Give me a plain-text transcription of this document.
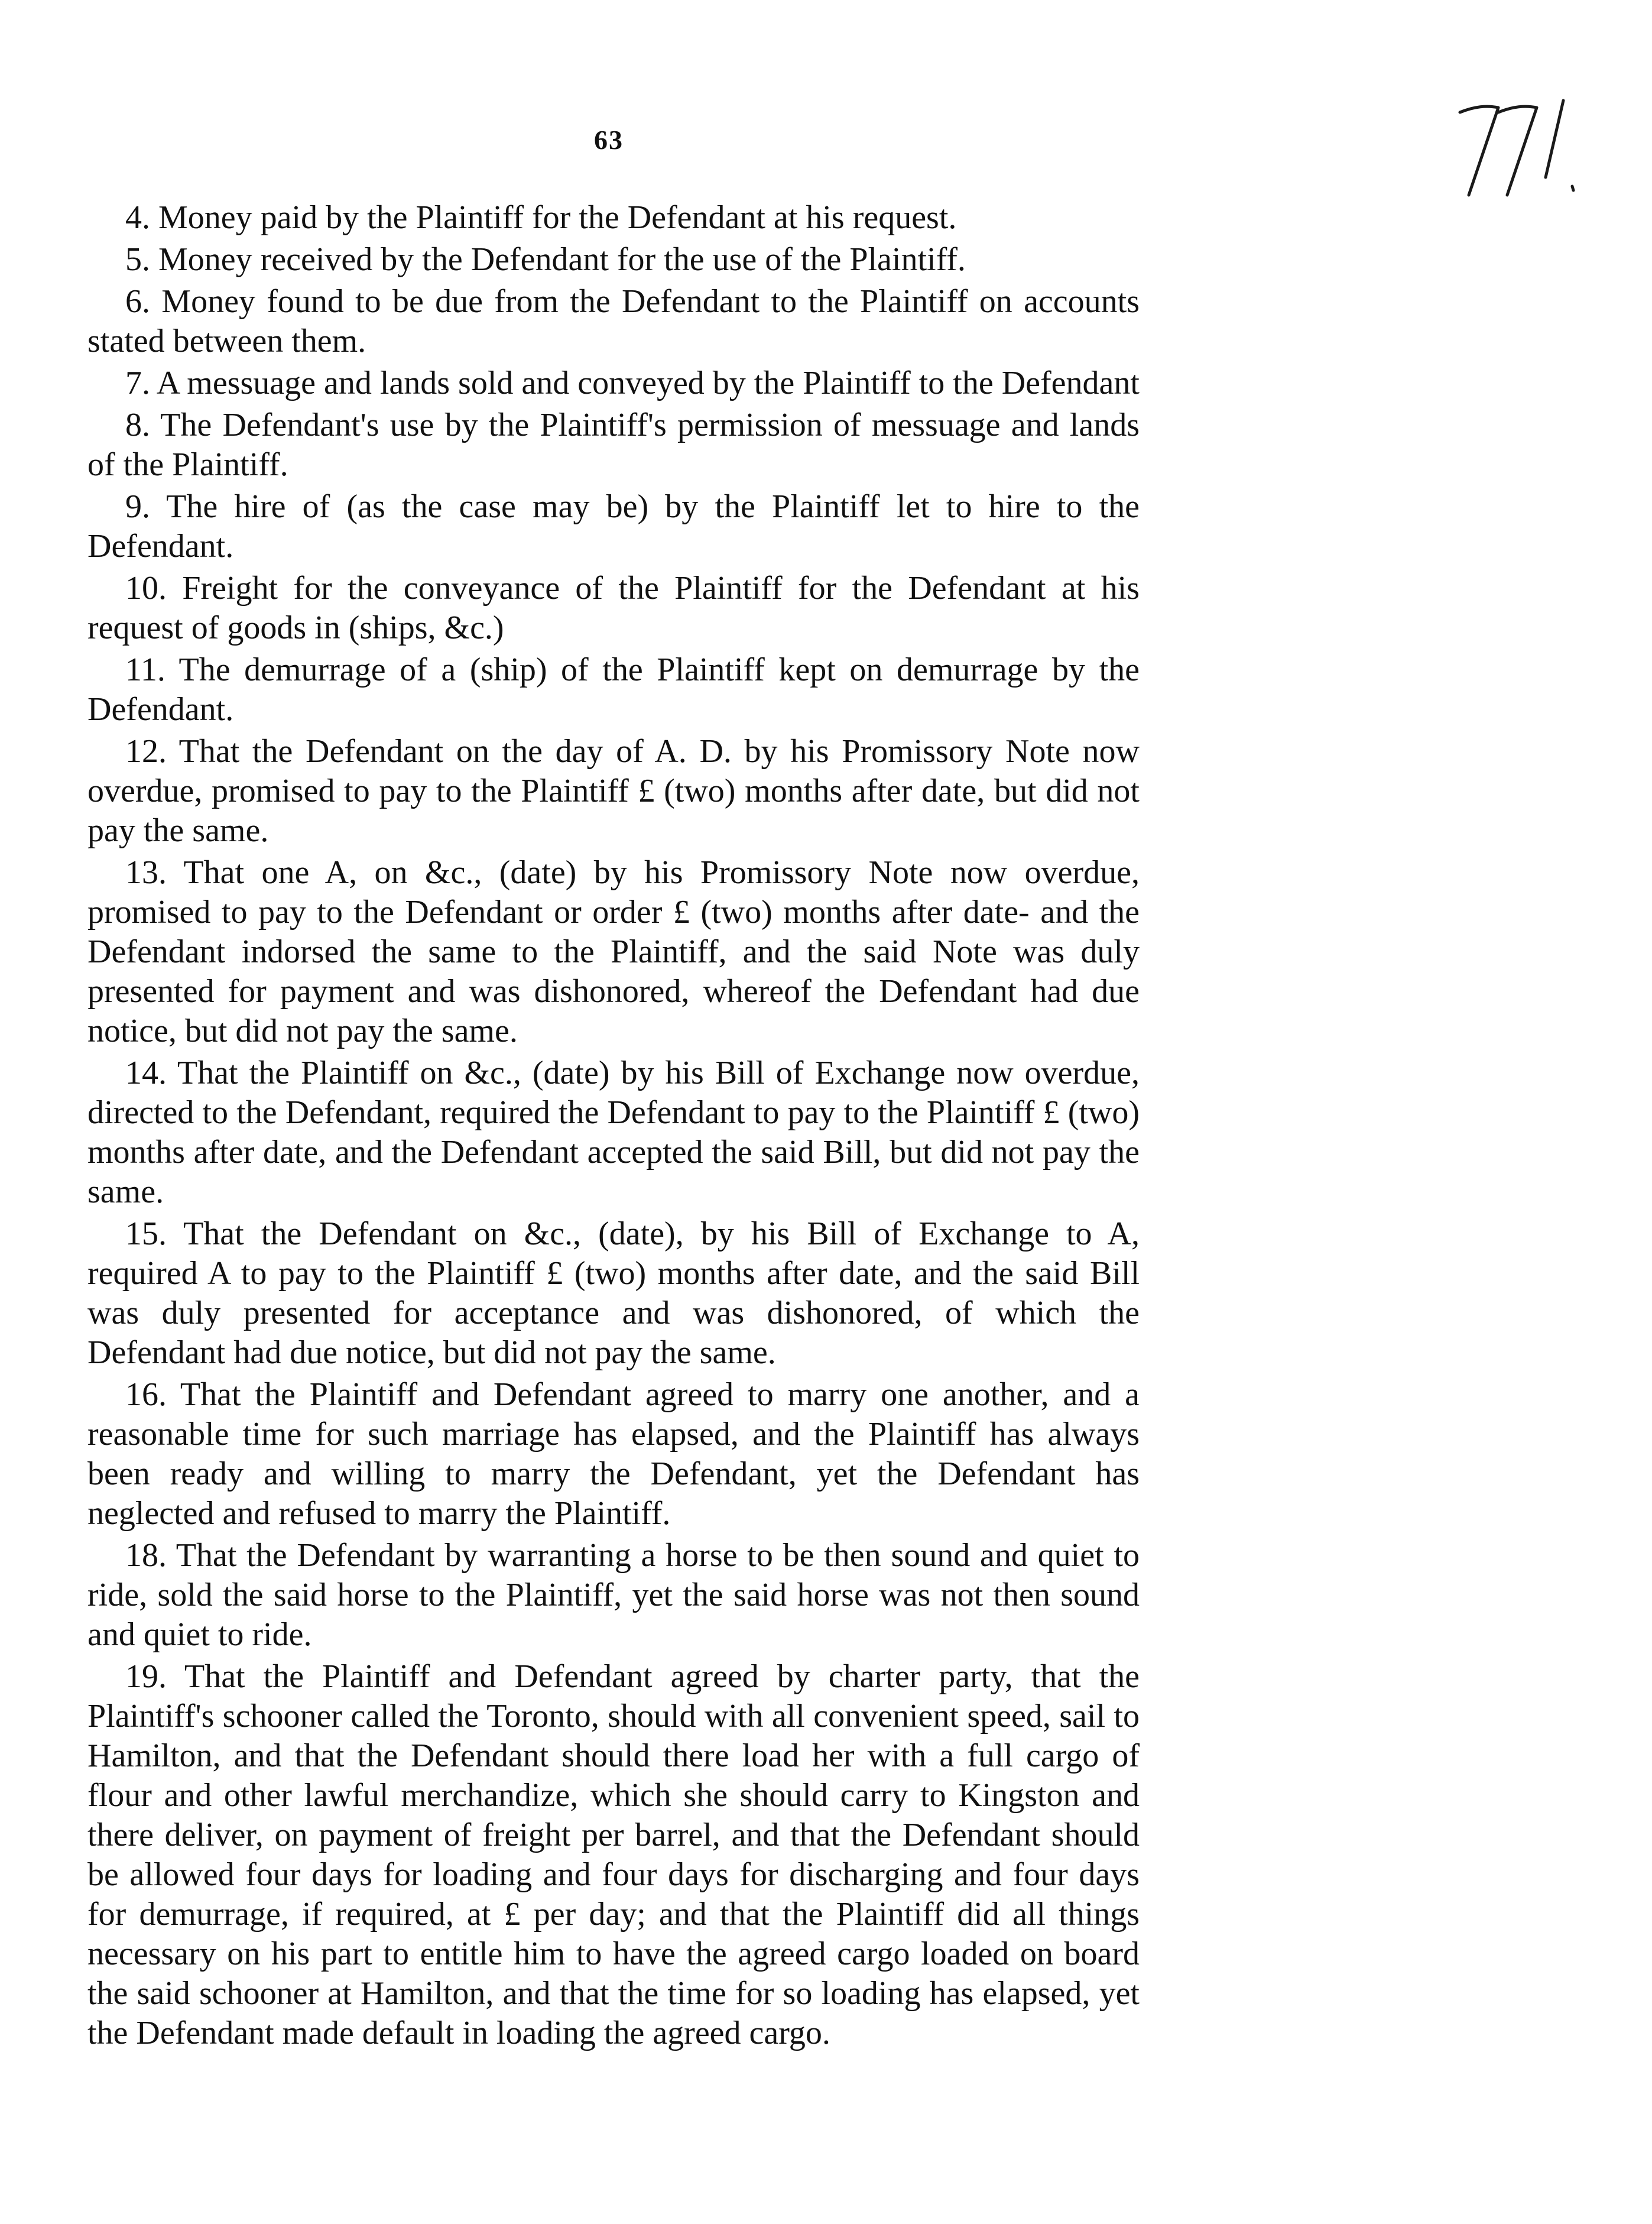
63

4. Money paid by the Plaintiff for the Defendant at his request.

5. Money received by the Defendant for the use of the Plaintiff.

6. Money found to be due from the Defendant to the Plaintiff on accounts stated between them.

7. A messuage and lands sold and conveyed by the Plaintiff to the Defendant

8. The Defendant's use by the Plaintiff's permission of messuage and lands of the Plaintiff.

9. The hire of (as the case may be) by the Plaintiff let to hire to the Defendant.

10. Freight for the conveyance of the Plaintiff for the Defendant at his request of goods in (ships, &c.)

11. The demurrage of a (ship) of the Plaintiff kept on demurrage by the Defendant.

12. That the Defendant on the day of A. D. by his Promissory Note now overdue, promised to pay to the Plaintiff £ (two) months after date, but did not pay the same.

13. That one A, on &c., (date) by his Promissory Note now overdue, promised to pay to the Defendant or order £ (two) months after date- and the Defendant indorsed the same to the Plaintiff, and the said Note was duly presented for payment and was dishonored, whereof the Defendant had due notice, but did not pay the same.

14. That the Plaintiff on &c., (date) by his Bill of Exchange now overdue, directed to the Defendant, required the Defendant to pay to the Plaintiff £ (two) months after date, and the Defendant accepted the said Bill, but did not pay the same.

15. That the Defendant on &c., (date), by his Bill of Exchange to A, required A to pay to the Plaintiff £ (two) months after date, and the said Bill was duly presented for acceptance and was dishonored, of which the Defendant had due notice, but did not pay the same.

16. That the Plaintiff and Defendant agreed to marry one another, and a reasonable time for such marriage has elapsed, and the Plaintiff has always been ready and willing to marry the Defendant, yet the Defendant has neglected and refused to marry the Plaintiff.

18. That the Defendant by warranting a horse to be then sound and quiet to ride, sold the said horse to the Plaintiff, yet the said horse was not then sound and quiet to ride.

19. That the Plaintiff and Defendant agreed by charter party, that the Plaintiff's schooner called the Toronto, should with all convenient speed, sail to Hamilton, and that the Defendant should there load her with a full cargo of flour and other lawful merchandize, which she should carry to Kingston and there deliver, on payment of freight per barrel, and that the Defendant should be allowed four days for loading and four days for discharging and four days for demurrage, if required, at £ per day; and that the Plaintiff did all things necessary on his part to entitle him to have the agreed cargo loaded on board the said schooner at Hamilton, and that the time for so loading has elapsed, yet the Defendant made default in loading the agreed cargo.
